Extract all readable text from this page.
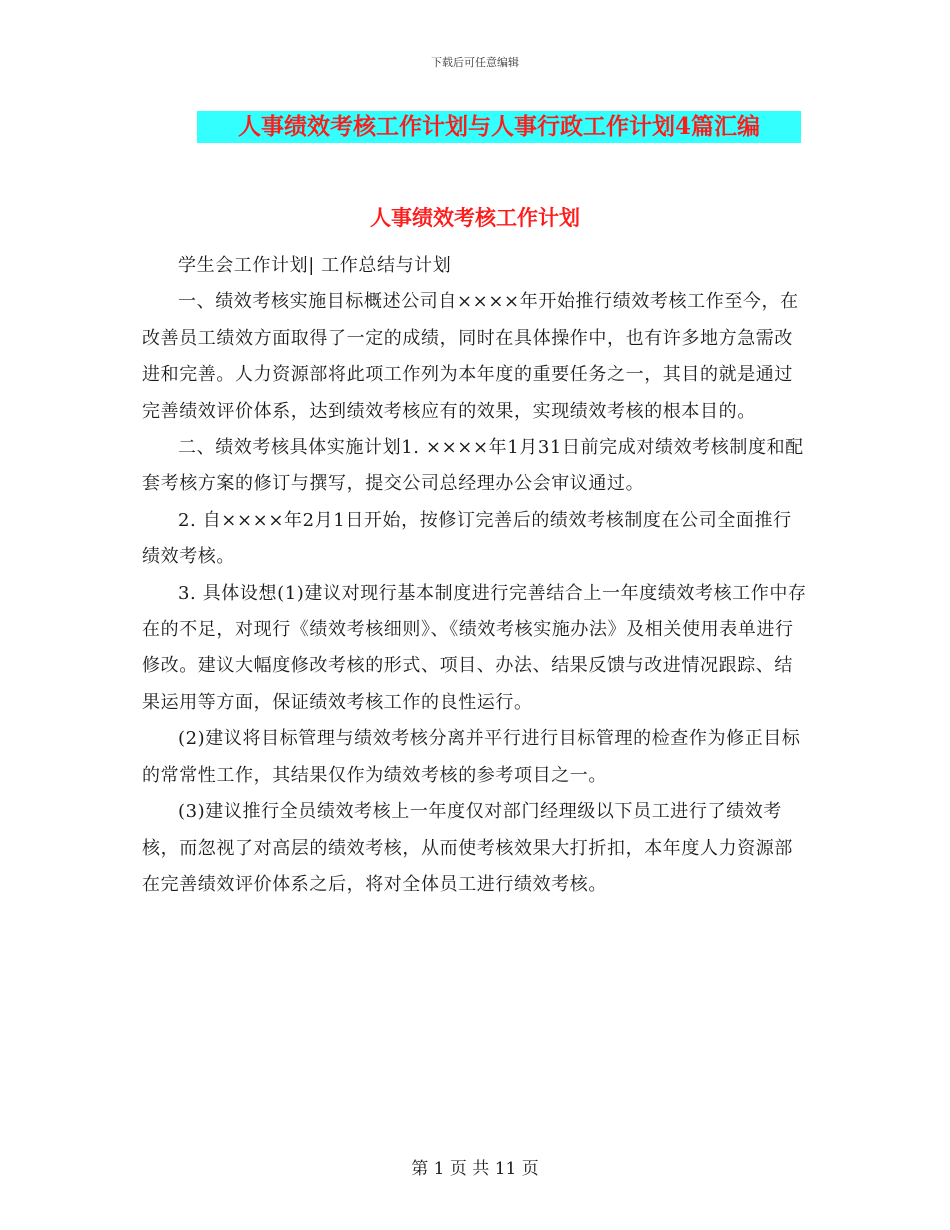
下载后可任意编辑
人事绩效考核工作计划与人事行政工作计划4篇汇编
人事绩效考核工作计划

学生会工作计划| 工作总结与计划

一、绩效考核实施目标概述公司自××××年开始推行绩效考核工作至今，在改善员工绩效方面取得了一定的成绩，同时在具体操作中，也有许多地方急需改进和完善。人力资源部将此项工作列为本年度的重要任务之一，其目的就是通过完善绩效评价体系，达到绩效考核应有的效果，实现绩效考核的根本目的。

二、绩效考核具体实施计划1. ××××年1月31日前完成对绩效考核制度和配套考核方案的修订与撰写，提交公司总经理办公会审议通过。

2. 自××××年2月1日开始，按修订完善后的绩效考核制度在公司全面推行绩效考核。

3. 具体设想(1)建议对现行基本制度进行完善结合上一年度绩效考核工作中存在的不足，对现行《绩效考核细则》、《绩效考核实施办法》及相关使用表单进行修改。建议大幅度修改考核的形式、项目、办法、结果反馈与改进情况跟踪、结果运用等方面，保证绩效考核工作的良性运行。

(2)建议将目标管理与绩效考核分离并平行进行目标管理的检查作为修正目标的常常性工作，其结果仅作为绩效考核的参考项目之一。

(3)建议推行全员绩效考核上一年度仅对部门经理级以下员工进行了绩效考核，而忽视了对高层的绩效考核，从而使考核效果大打折扣，本年度人力资源部在完善绩效评价体系之后，将对全体员工进行绩效考核。

第 1 页 共 11 页
